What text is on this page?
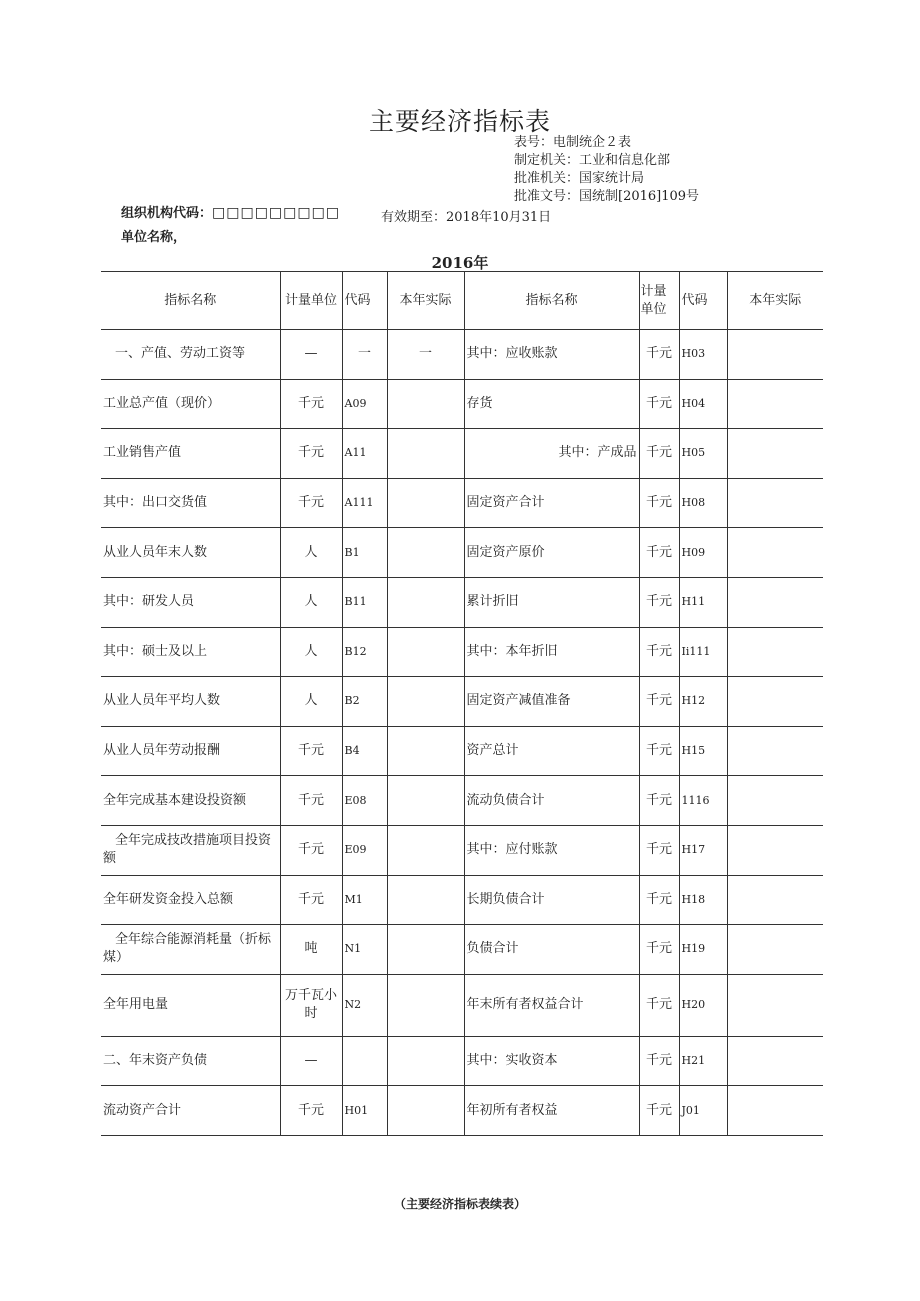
主要经济指标表
表号：电制统企２表
制定机关：工业和信息化部
批准机关：国家统计局
批准文号：国统制[2016]109号
组织机构代码：□□□□□□□□□	有效期至：2018年10月31日
单位名称，
2016年
指标名称	计量单位	代码	本年实际	指标名称	计量单位	代码	本年实际
一、产值、劳动工资等	—	一	一	其中：应收账款	千元	H03	
工业总产值（现价）	千元	A09		存货	千元	H04	
工业销售产值	千元	A11		其中：产成品	千元	H05	
其中：出口交货值	千元	A111		固定资产合计	千元	H08	
从业人员年末人数	人	B1		固定资产原价	千元	H09	
其中：研发人员	人	B11		累计折旧	千元	H11	
其中：硕士及以上	人	B12		其中：本年折旧	千元	Ii111	
从业人员年平均人数	人	B2		固定资产减值准备	千元	H12	
从业人员年劳动报酬	千元	B4		资产总计	千元	H15	
全年完成基本建设投资额	千元	E08		流动负债合计	千元	1116	
全年完成技改措施项目投资额	千元	E09		其中：应付账款	千元	H17	
全年研发资金投入总额	千元	M1		长期负债合计	千元	H18	
全年综合能源消耗量（折标煤）	吨	N1		负债合计	千元	H19	
全年用电量	万千瓦小时	N2		年末所有者权益合计	千元	H20	
二、年末资产负债	—			其中：实收资本	千元	H21	
流动资产合计	千元	H01		年初所有者权益	千元	J01	
（主要经济指标表续表）
